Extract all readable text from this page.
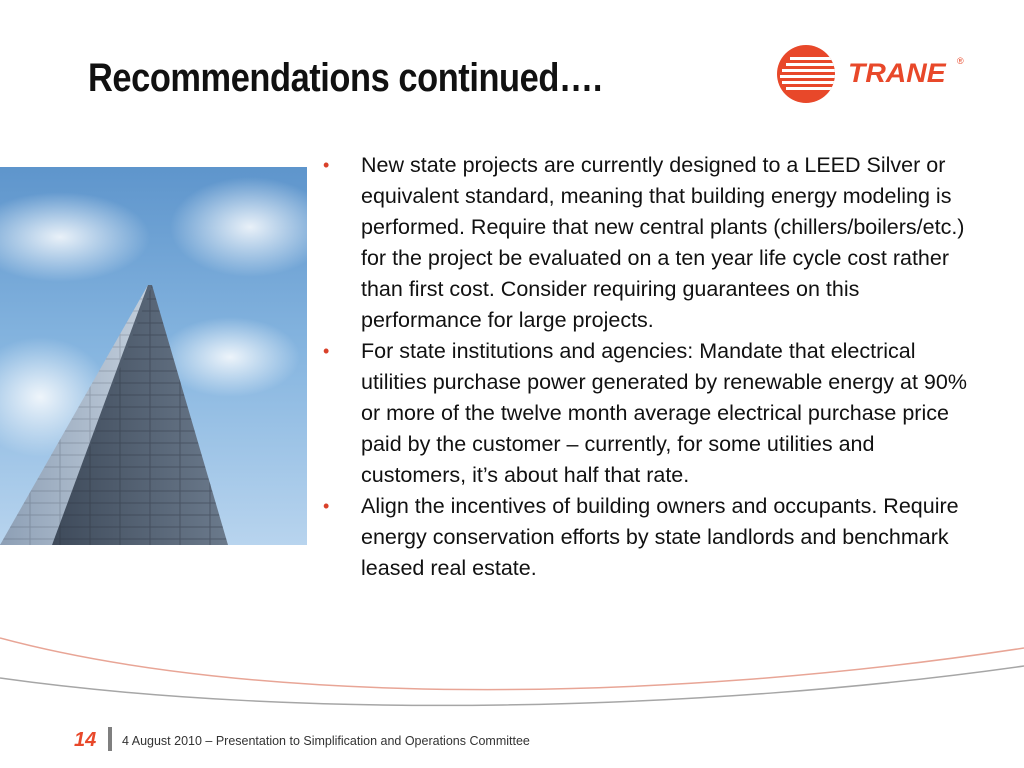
Recommendations continued….	TRANE ®
• New state projects are currently designed to a LEED Silver or equivalent standard, meaning that building energy modeling is performed. Require that new central plants (chillers/boilers/etc.) for the project be evaluated on a ten year life cycle cost rather than first cost. Consider requiring guarantees on this performance for large projects.
• For state institutions and agencies: Mandate that electrical utilities purchase power generated by renewable energy at 90% or more of the twelve month average electrical purchase price paid by the customer – currently, for some utilities and customers, it’s about half that rate.
• Align the incentives of building owners and occupants. Require energy conservation efforts by state landlords and benchmark leased real estate.
14 4 August 2010 – Presentation to Simplification and Operations Committee
